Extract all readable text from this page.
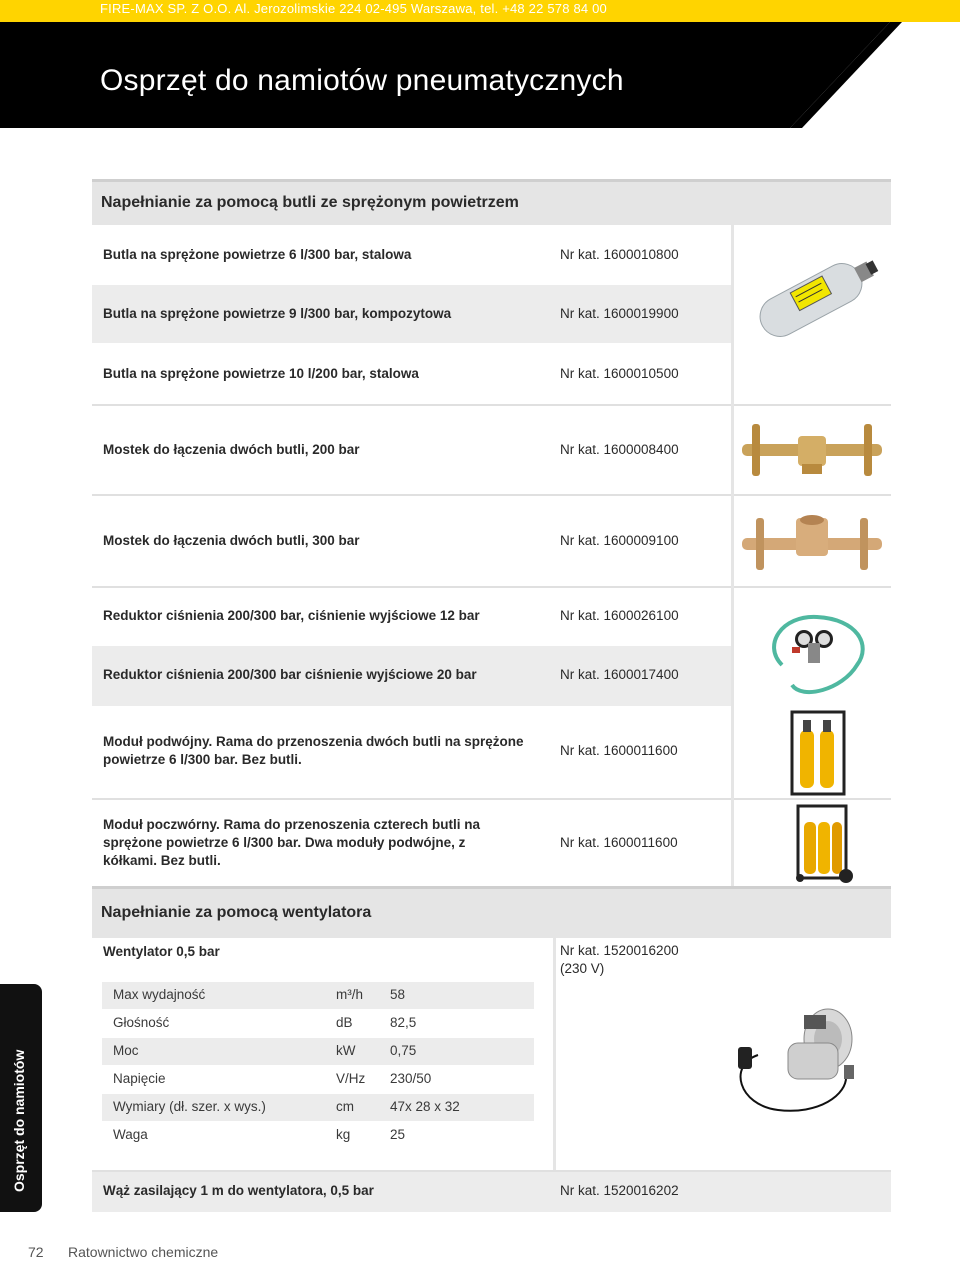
FIRE-MAX SP. Z O.O. Al. Jerozolimskie 224 02-495 Warszawa, tel. +48 22 578 84 00
Osprzęt do namiotów pneumatycznych
Napełnianie za pomocą butli ze sprężonym powietrzem
Butla na sprężone powietrze 6 l/300 bar, stalowa	Nr kat. 1600010800
Butla na sprężone powietrze 9 l/300 bar, kompozytowa	Nr kat. 1600019900
Butla na sprężone powietrze 10 l/200 bar, stalowa	Nr kat. 1600010500
Mostek do łączenia dwóch butli, 200 bar	Nr kat. 1600008400
Mostek do łączenia dwóch butli, 300 bar	Nr kat. 1600009100
Reduktor ciśnienia 200/300 bar, ciśnienie wyjściowe 12 bar	Nr kat. 1600026100
Reduktor ciśnienia 200/300 bar ciśnienie wyjściowe 20 bar	Nr kat. 1600017400
Moduł podwójny. Rama do przenoszenia dwóch butli na sprężone
powietrze 6 l/300 bar. Bez butli.
Nr kat. 1600011600
Moduł poczwórny. Rama do przenoszenia czterech butli na
sprężone powietrze 6 l/300 bar. Dwa moduły podwójne, z
kółkami. Bez butli.
Nr kat. 1600011600
Napełnianie za pomocą wentylatora
Wentylator 0,5 bar	Nr kat. 1520016200
(230 V)
Max wydajność	m³/h 58
Głośność	dB	82,5
Moc	kW	0,75
Napięcie	V/Hz 230/50
Wymiary (dł. szer. x wys.)	cm	47x 28 x 32
Waga	kg	25
Wąż zasilający 1 m do wentylatora, 0,5 bar	Nr kat. 1520016202
Osprzęt do namiotów
72 Ratownictwo chemiczne
